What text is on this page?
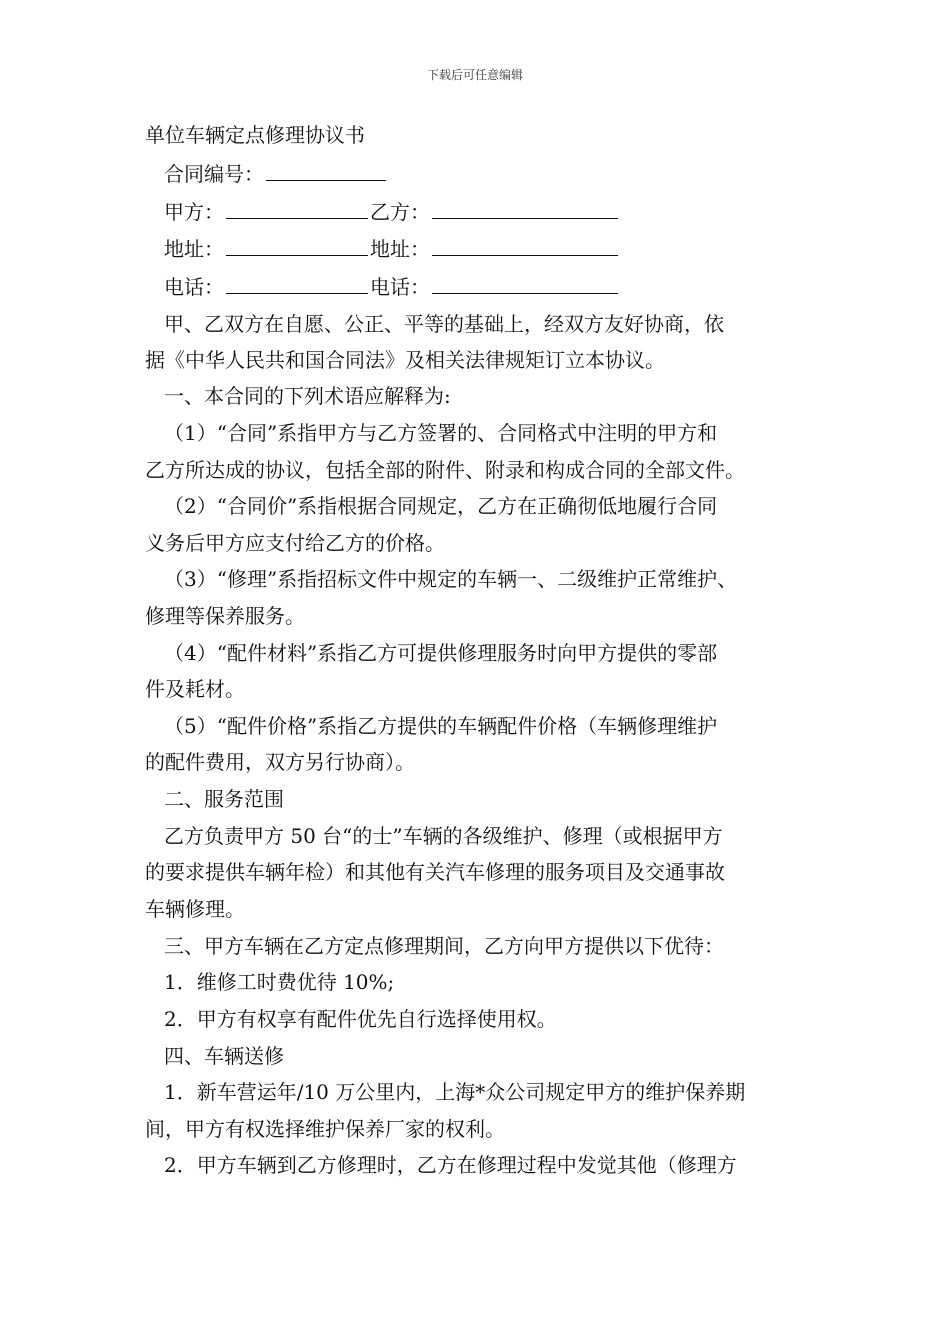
下载后可任意编辑
单位车辆定点修理协议书
合同编号：
甲方：	乙方：
地址：	地址：
电话：	电话：
甲、乙双方在自愿、公正、平等的基础上，经双方友好协商，依
据《中华人民共和国合同法》及相关法律规矩订立本协议。
一、本合同的下列术语应解释为:
（1）“合同”系指甲方与乙方签署的、合同格式中注明的甲方和
乙方所达成的协议，包括全部的附件、附录和构成合同的全部文件。
（2）“合同价”系指根据合同规定，乙方在正确彻低地履行合同
义务后甲方应支付给乙方的价格。
（3）“修理”系指招标文件中规定的车辆一、二级维护正常维护、
修理等保养服务。
（4）“配件材料”系指乙方可提供修理服务时向甲方提供的零部
件及耗材。
（5）“配件价格”系指乙方提供的车辆配件价格（车辆修理维护
的配件费用，双方另行协商）。
二、服务范围
乙方负责甲方 50 台“的士”车辆的各级维护、修理（或根据甲方
的要求提供车辆年检）和其他有关汽车修理的服务项目及交通事故
车辆修理。
三、甲方车辆在乙方定点修理期间，乙方向甲方提供以下优待：
1．维修工时费优待 10%;
2．甲方有权享有配件优先自行选择使用权。
四、车辆送修
1．新车营运年/10 万公里内，上海*众公司规定甲方的维护保养期
间，甲方有权选择维护保养厂家的权利。
2．甲方车辆到乙方修理时，乙方在修理过程中发觉其他（修理方
